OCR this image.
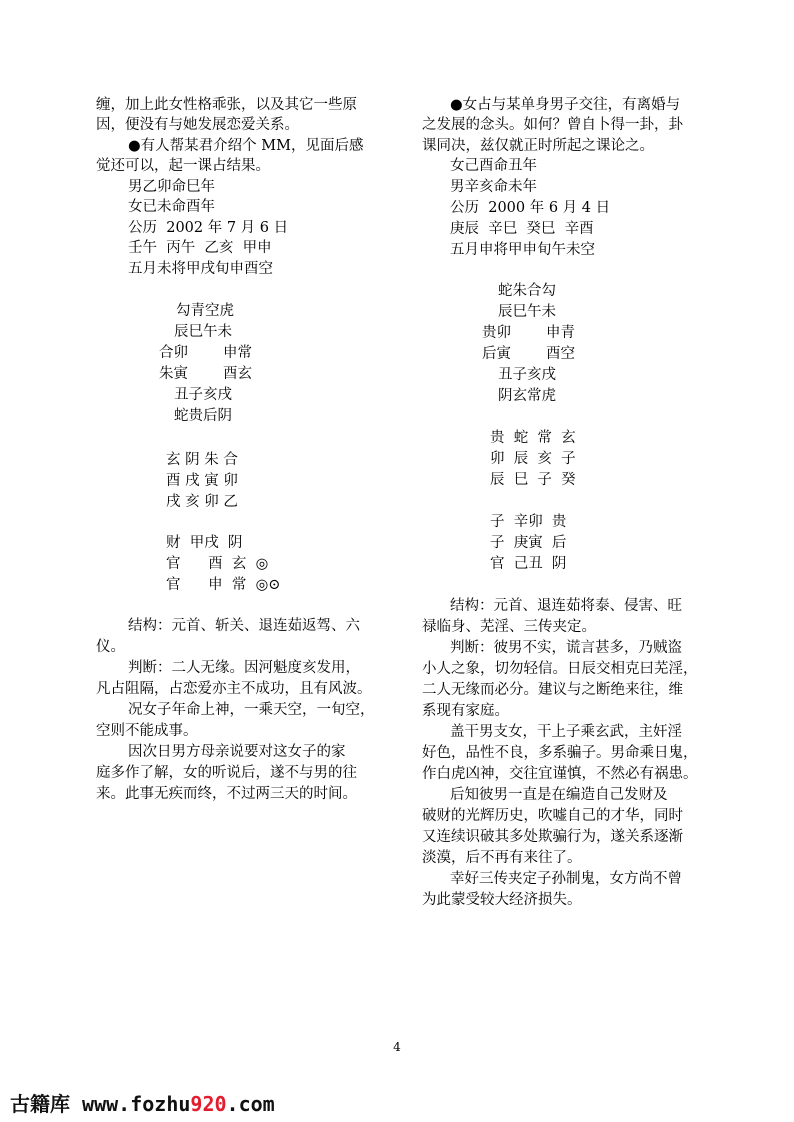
缠，加上此女性格乖张，以及其它一些原
因，便没有与她发展恋爱关系。
●有人帮某君介绍个 MM，见面后感
觉还可以，起一课占结果。
男乙卯命巳年
女已未命酉年
公历  2002 年 7 月 6 日
壬午  丙午  乙亥  甲申
五月未将甲戌旬申酉空
勾青空虎
辰巳午未
合卯 申常
朱寅 酉玄
丑子亥戌
蛇贵后阴
玄 阴 朱 合
酉 戌 寅 卯
戌 亥 卯 乙
财  甲戌  阴
官      酉  玄  ◎
官      申  常  ◎⊙
结构：元首、斩关、退连茹返驾、六
仪。
判断：二人无缘。因河魁度亥发用，
凡占阻隔，占恋爱亦主不成功，且有风波。
况女子年命上神，一乘天空，一旬空，
空则不能成事。
因次日男方母亲说要对这女子的家
庭多作了解，女的听说后，遂不与男的往
来。此事无疾而终，不过两三天的时间。
●女占与某单身男子交往，有离婚与
之发展的念头。如何？曾自卜得一卦，卦
课同决，兹仅就正时所起之课论之。
女己酉命丑年
男辛亥命未年
公历  2000 年 6 月 4 日
庚辰  辛巳  癸巳  辛酉
五月申将甲申旬午未空
蛇朱合勾
辰巳午未
贵卯 申青
后寅 酉空
丑子亥戌
阴玄常虎
贵  蛇  常  玄
卯  辰  亥  子
辰  巳  子  癸
子  辛卯  贵
子  庚寅  后
官  己丑  阴
结构：元首、退连茹将泰、侵害、旺
禄临身、芜淫、三传夹定。
判断：彼男不实，谎言甚多，乃贼盗
小人之象，切勿轻信。日辰交相克曰芜淫，
二人无缘而必分。建议与之断绝来往，维
系现有家庭。
盖干男支女，干上子乘玄武，主奸淫
好色，品性不良，多系骗子。男命乘日鬼，
作白虎凶神，交往宜谨慎，不然必有祸患。
后知彼男一直是在编造自己发财及
破财的光辉历史，吹嘘自己的才华，同时
又连续识破其多处欺骗行为，遂关系逐渐
淡漠，后不再有来往了。
幸好三传夹定子孙制鬼，女方尚不曾
为此蒙受较大经济损失。
4
古籍库 www.fozhu920.com
